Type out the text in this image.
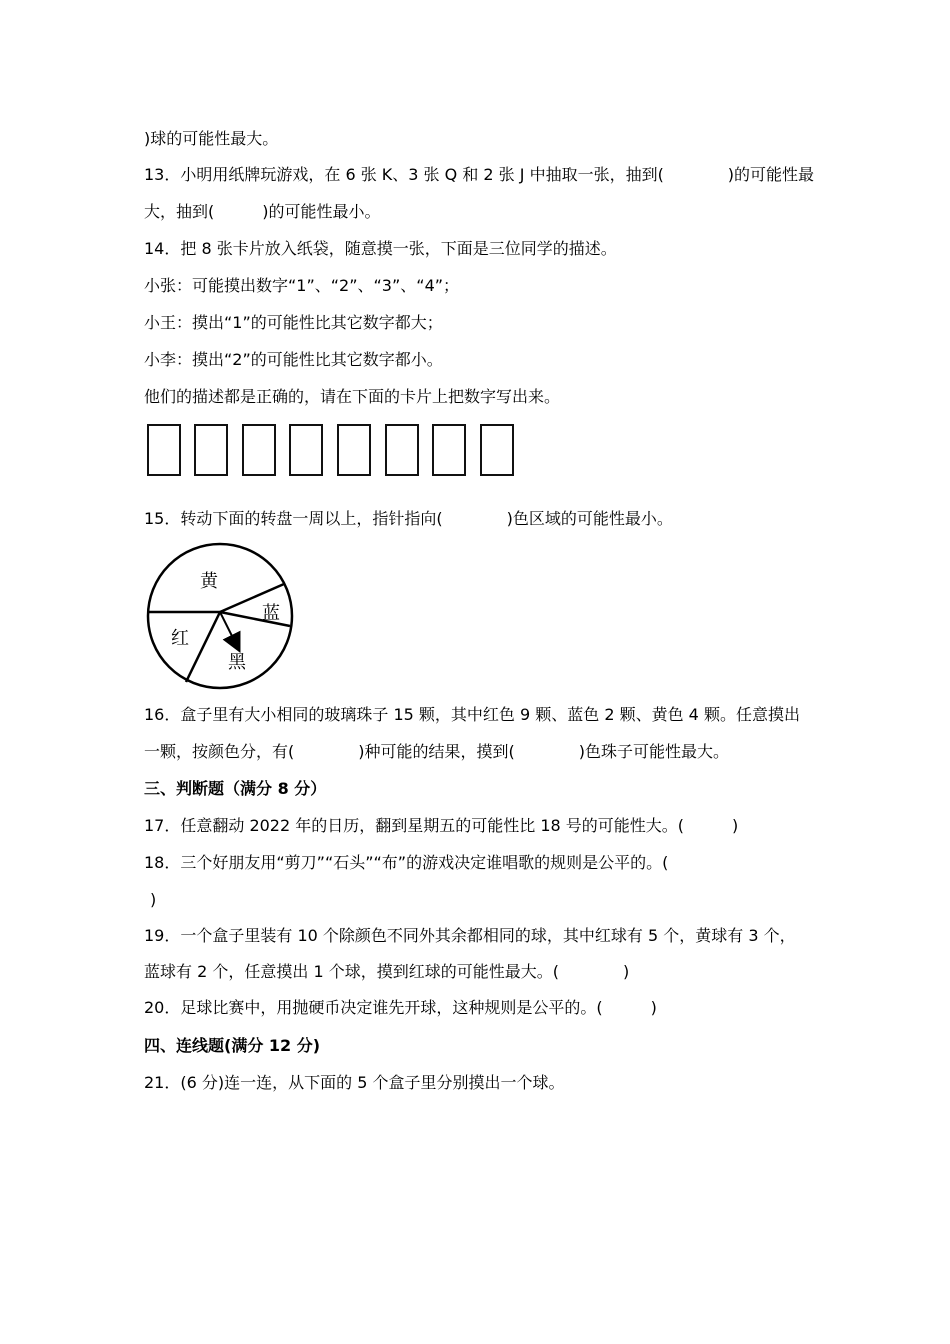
)球的可能性最大。
13．小明用纸牌玩游戏，在 6 张 K、3 张 Q 和 2 张 J 中抽取一张，抽到(　　　　)的可能性最
大，抽到(　　　)的可能性最小。
14．把 8 张卡片放入纸袋，随意摸一张，下面是三位同学的描述。
小张：可能摸出数字“1”、“2”、“3”、“4”；
小王：摸出“1”的可能性比其它数字都大；
小李：摸出“2”的可能性比其它数字都小。
他们的描述都是正确的，请在下面的卡片上把数字写出来。
15．转动下面的转盘一周以上，指针指向(　　　　)色区域的可能性最小。
黄
蓝
红
黑
16．盒子里有大小相同的玻璃珠子 15 颗，其中红色 9 颗、蓝色 2 颗、黄色 4 颗。任意摸出
一颗，按颜色分，有(　　　　)种可能的结果，摸到(　　　　)色珠子可能性最大。
三、判断题（满分 8 分）
17．任意翻动 2022 年的日历，翻到星期五的可能性比 18 号的可能性大。(　　　)
18．三个好朋友用“剪刀”“石头”“布”的游戏决定谁唱歌的规则是公平的。(
)
19．一个盒子里装有 10 个除颜色不同外其余都相同的球，其中红球有 5 个，黄球有 3 个，
蓝球有 2 个，任意摸出 1 个球，摸到红球的可能性最大。(　　　　)
20．足球比赛中，用抛硬币决定谁先开球，这种规则是公平的。(　　　)
四、连线题(满分 12 分)
21．(6 分)连一连，从下面的 5 个盒子里分别摸出一个球。
